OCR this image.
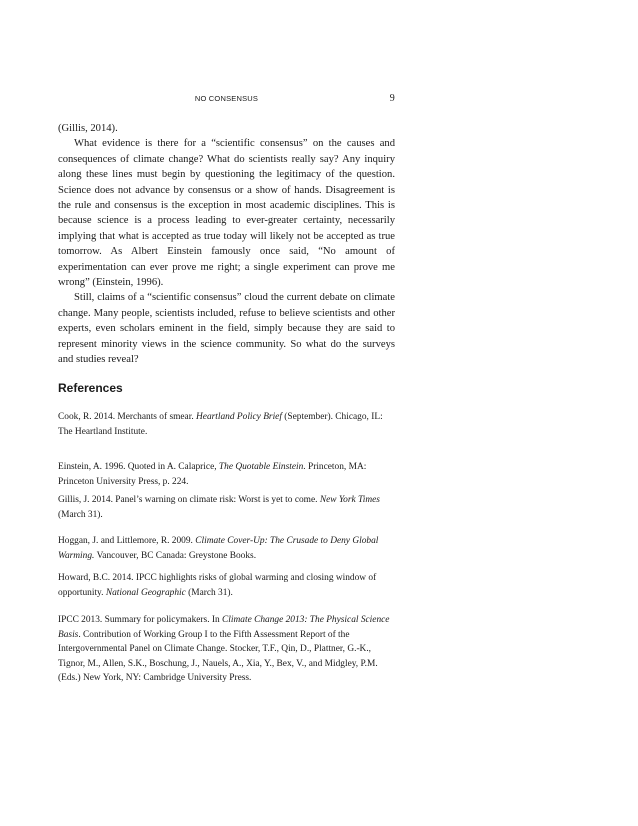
NO CONSENSUS	9

(Gillis, 2014).

What evidence is there for a “scientific consensus” on the causes and consequences of climate change? What do scientists really say? Any inquiry along these lines must begin by questioning the legitimacy of the question. Science does not advance by consensus or a show of hands. Disagreement is the rule and consensus is the exception in most academic disciplines. This is because science is a process leading to ever-greater certainty, necessarily implying that what is accepted as true today will likely not be accepted as true tomorrow. As Albert Einstein famously once said, “No amount of experimentation can ever prove me right; a single experiment can prove me wrong” (Einstein, 1996).

Still, claims of a “scientific consensus” cloud the current debate on climate change. Many people, scientists included, refuse to believe scientists and other experts, even scholars eminent in the field, simply because they are said to represent minority views in the science community. So what do the surveys and studies reveal?

References

Cook, R. 2014. Merchants of smear. Heartland Policy Brief (September). Chicago, IL: The Heartland Institute.

Einstein, A. 1996. Quoted in A. Calaprice, The Quotable Einstein. Princeton, MA: Princeton University Press, p. 224.

Gillis, J. 2014. Panel’s warning on climate risk: Worst is yet to come. New York Times (March 31).

Hoggan, J. and Littlemore, R. 2009. Climate Cover-Up: The Crusade to Deny Global Warming. Vancouver, BC Canada: Greystone Books.

Howard, B.C. 2014. IPCC highlights risks of global warming and closing window of opportunity. National Geographic (March 31).

IPCC 2013. Summary for policymakers. In Climate Change 2013: The Physical Science Basis. Contribution of Working Group I to the Fifth Assessment Report of the Intergovernmental Panel on Climate Change. Stocker, T.F., Qin, D., Plattner, G.-K., Tignor, M., Allen, S.K., Boschung, J., Nauels, A., Xia, Y., Bex, V., and Midgley, P.M. (Eds.) New York, NY: Cambridge University Press.
